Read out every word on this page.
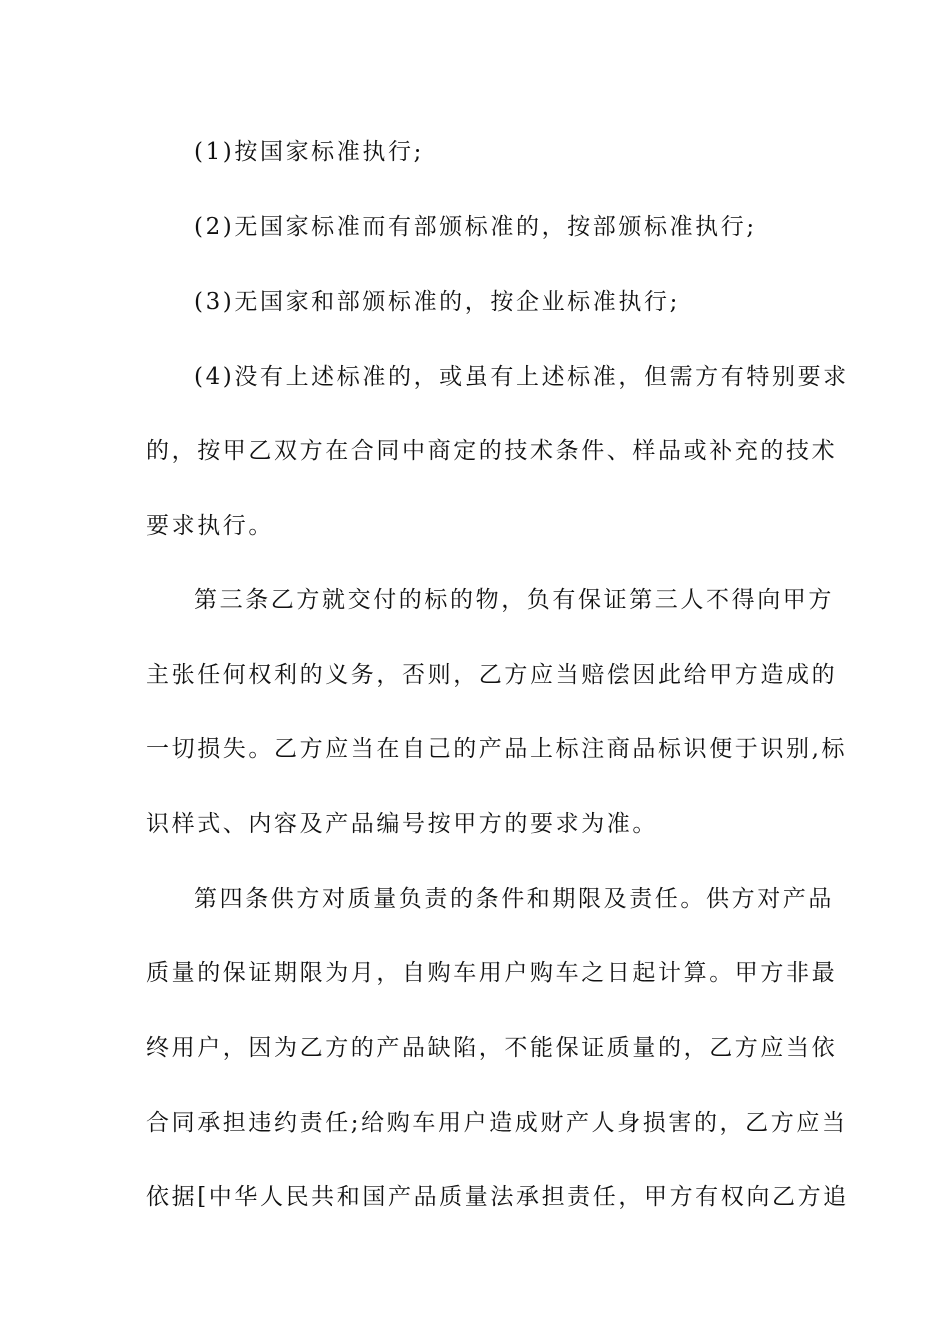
(1)按国家标准执行;
(2)无国家标准而有部颁标准的，按部颁标准执行;
(3)无国家和部颁标准的，按企业标准执行;
(4)没有上述标准的，或虽有上述标准，但需方有特别要求
的，按甲乙双方在合同中商定的技术条件、样品或补充的技术
要求执行。
第三条乙方就交付的标的物，负有保证第三人不得向甲方
主张任何权利的义务，否则，乙方应当赔偿因此给甲方造成的
一切损失。乙方应当在自己的产品上标注商品标识便于识别,标
识样式、内容及产品编号按甲方的要求为准。
第四条供方对质量负责的条件和期限及责任。供方对产品
质量的保证期限为月，自购车用户购车之日起计算。甲方非最
终用户，因为乙方的产品缺陷，不能保证质量的，乙方应当依
合同承担违约责任;给购车用户造成财产人身损害的，乙方应当
依据[中华人民共和国产品质量法承担责任，甲方有权向乙方追
